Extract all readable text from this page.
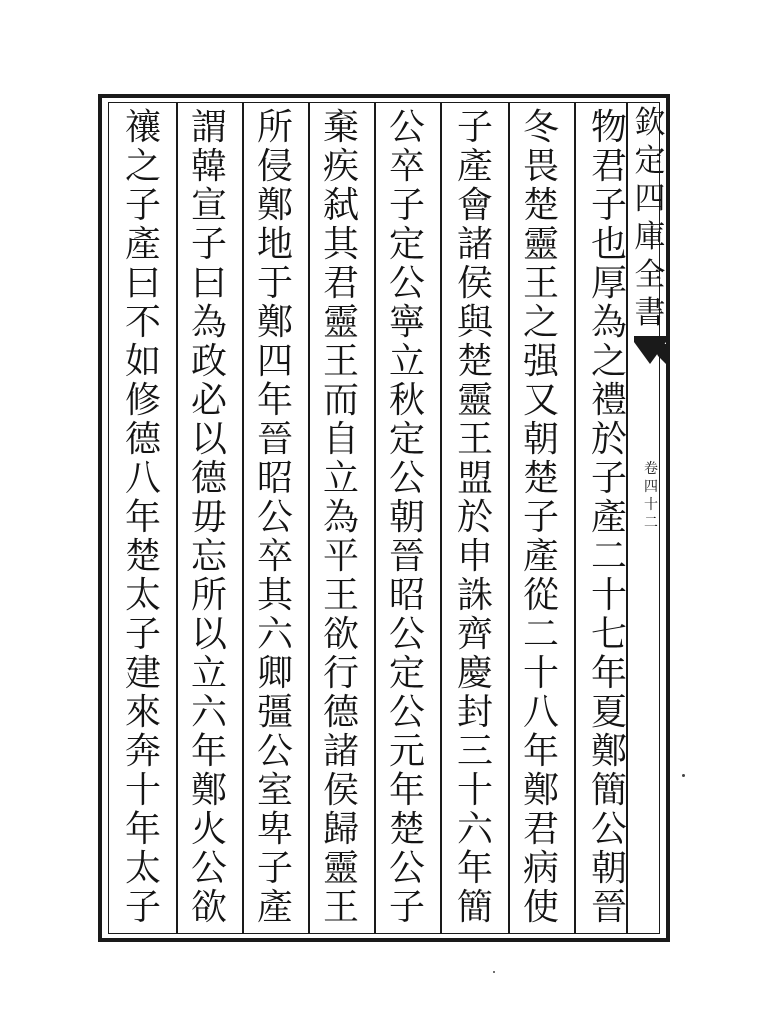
欽
定
四
庫
全
書
卷
四
十
二
物
君
子
也
厚
為
之
禮
於
子
產
二
十
七
年
夏
鄭
簡
公
朝
晉
冬
畏
楚
靈
王
之
强
又
朝
楚
子
產
從
二
十
八
年
鄭
君
病
使
子
產
會
諸
侯
與
楚
靈
王
盟
於
申
誅
齊
慶
封
三
十
六
年
簡
公
卒
子
定
公
寧
立
秋
定
公
朝
晉
昭
公
定
公
元
年
楚
公
子
棄
疾
弑
其
君
靈
王
而
自
立
為
平
王
欲
行
德
諸
侯
歸
靈
王
所
侵
鄭
地
于
鄭
四
年
晉
昭
公
卒
其
六
卿
彊
公
室
卑
子
產
謂
韓
宣
子
曰
為
政
必
以
德
毋
忘
所
以
立
六
年
鄭
火
公
欲
禳
之
子
產
曰
不
如
修
德
八
年
楚
太
子
建
來
奔
十
年
太
子
